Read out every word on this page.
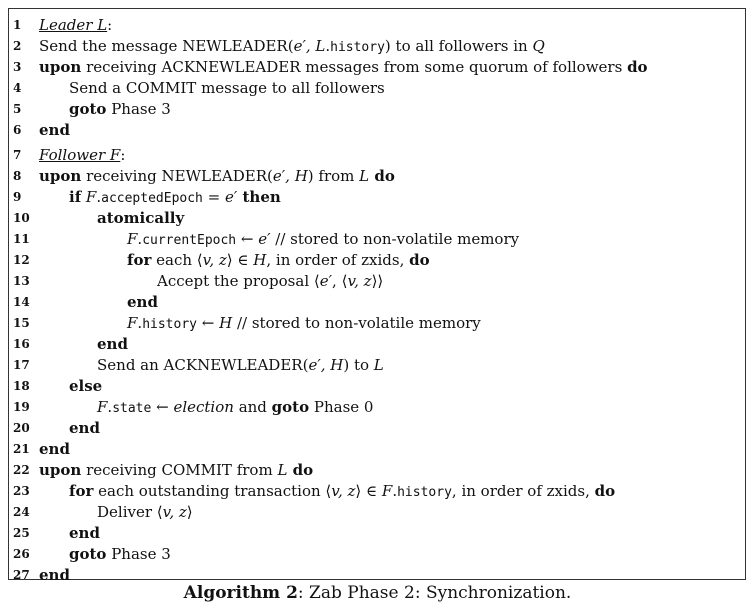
1	Leader L:
2	Send the message NEWLEADER(e′, L.history) to all followers in Q
3	upon receiving ACKNEWLEADER messages from some quorum of followers do
4	Send a COMMIT message to all followers
5	goto Phase 3
6	end
7	Follower F:
8	upon receiving NEWLEADER(e′, H) from L do
9	if F.acceptedEpoch = e′ then
10	atomically
11	F.currentEpoch ← e′ // stored to non-volatile memory
12	for each ⟨v, z⟩ ∈ H, in order of zxids, do
13	Accept the proposal ⟨e′, ⟨v, z⟩⟩
14	end
15	F.history ← H // stored to non-volatile memory
16	end
17	Send an ACKNEWLEADER(e′, H) to L
18	else
19	F.state ← election and goto Phase 0
20	end
21 end
22 upon receiving COMMIT from L do
23	for each outstanding transaction ⟨v, z⟩ ∈ F.history, in order of zxids, do
24	Deliver ⟨v, z⟩
25	end
26	goto Phase 3
27 end
Algorithm 2: Zab Phase 2: Synchronization.
